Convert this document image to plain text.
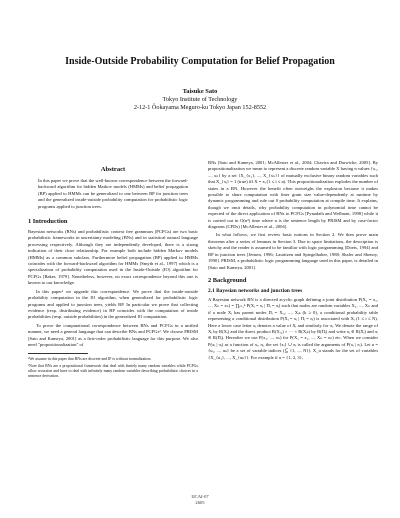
Inside-Outside Probability Computation for Belief Propagation
Taisuke Sato
Tokyo Institute of Technology
2-12-1 Ôokayama Meguro-ku Tokyo Japan 152-8552
Abstract

In this paper we prove that the well-known correspondence between the forward-backward algorithm for hidden Markov models (HMMs) and belief propagation (BP) applied to HMMs can be generalized to one between BP for junction trees and the generalized inside-outside probability computation for probabilistic logic programs applied to junction trees.

1 Introduction

Bayesian networks (BNs) and probabilistic context free grammars (PCFGs) are two basic probabilistic frameworks in uncertainty modeling (BNs) and in statistical natural language processing respectively. Although they are independently developed, there is a strong indication of their close relationship. For example both include hidden Markov models (HMMs) as a common subclass. Furthermore belief propagation (BP) applied to HMMs coincides with the forward-backward algorithm for HMMs [Smyth et al., 1997] which is a specialization of probability computation used in the Inside-Outside (IO) algorithm for PCFGs [Baker, 1979]. Nonetheless, however, no exact correspondence beyond this one is known to our knowledge.

In this paper¹ we upgrade this correspondence. We prove that the inside-outside probability computation in the IO algorithm, when generalized for probabilistic logic programs and applied to junction trees, yields BP. In particular we prove that collecting evidence (resp. distributing evidence) in BP coincides with the computation of inside probabilities (resp. outside probabilities) in the generalized IO computation.

To prove the computational correspondence between BNs and PCFGs in a unified manner, we need a general language that can describe BNs and PCFGs². We choose PRISM [Sato and Kameya, 2001] as a first-order probabilistic language for this purpose. We also need "propositionalization" of

¹We assume in this paper that BNs are discrete and IF is without normalization.

²Note that BNs are a propositional framework that deal with finitely many random variables while PCFGs allow recursion and have to deal with infinitely many random variables describing probabilistic choices in a sentence derivation.

BNs [Sato and Kameya, 2001; McAllester et al., 2004; Chavira and Darwiche, 2005]. By propositionalization we mean to represent a discrete random variable X having n values {x₁, ..., xₙ} by a set {X_{x₁}, ..., X_{xₙ}} of mutually exclusive binary random variables such that X_{xᵢ} = 1 (true) iff X = xᵢ (1 ≤ i ≤ n). This propositionalization explodes the number of states in a BN. However the benefit often outweighs the explosion because it makes possible to share computation with finer grain size value-dependently at runtime by dynamic programming and rule out 0 probability computation at compile time. It explains, though we omit details, why probability computation in polynomial time cannot be expected of the direct application of BNs to PCFGs [Pynadath and Wellman, 1998] while it is carried out in O(n³) time where n is the sentence length by PRISM and by case-factor diagrams (CFDs) [McAllester et al., 2004].

In what follows, we first review basic notions in Section 2. We then prove main theorems after a series of lemmas in Section 3. Due to space limitations, the description is sketchy and the reader is assumed to be familiar with logic programming [Doets, 1994] and BP in junction trees [Jensen, 1996; Lauritzen and Spiegelhalter, 1988; Shafer and Shenoy, 1990]. PRISM, a probabilistic logic programming language used in this paper, is detailed in [Sato and Kameya, 2001].

2 Background
2.1 Bayesian networks and junction trees

A Bayesian network BN is a directed acyclic graph defining a joint distribution P(X₁ = x₁, ..., Xₙ = xₙ) = ∏ᵢ₌₁ⁿ P(Xᵢ = xᵢ | Πᵢ = πᵢ) such that nodes are random variables X₁, ..., Xₙ and if a node Xᵢ has parent nodes Πᵢ = Xᵢ₁, ..., Xᵢₖ (k ≥ 0), a conditional probability table representing a conditional distribution P(Xᵢ = xᵢ | Πᵢ = πᵢ) is associated with Xᵢ (1 ≤ i ≤ N). Here a lower case letter xᵢ denotes a value of Xᵢ and similarly for πᵢ. We denote the range of Xᵢ by R(Xᵢ) and the direct product R(Xᵢ₁) × ··· × R(Xᵢₖ) by R(Πᵢ) and write xᵢ ∈ R(Xᵢ) and πᵢ ∈ R(Πᵢ). Hereafter we use P(x₁, ..., xₙ) for P(X₁ = x₁, ..., Xₙ = xₙ) etc. When we consider P(xᵢ | πᵢ) as a function of xᵢ, πᵢ, the set {xᵢ} ∪ πᵢ is called the arguments of P(xᵢ | πᵢ). Let u = {u₁, ..., uₖ} be a set of variable indices (⊆ {1, ..., N}). X_u stands for the set of variables {X_{u₁}, ..., X_{uₖ}}. For example if u = {1, 2, 3},

IJCAI-07
2605
